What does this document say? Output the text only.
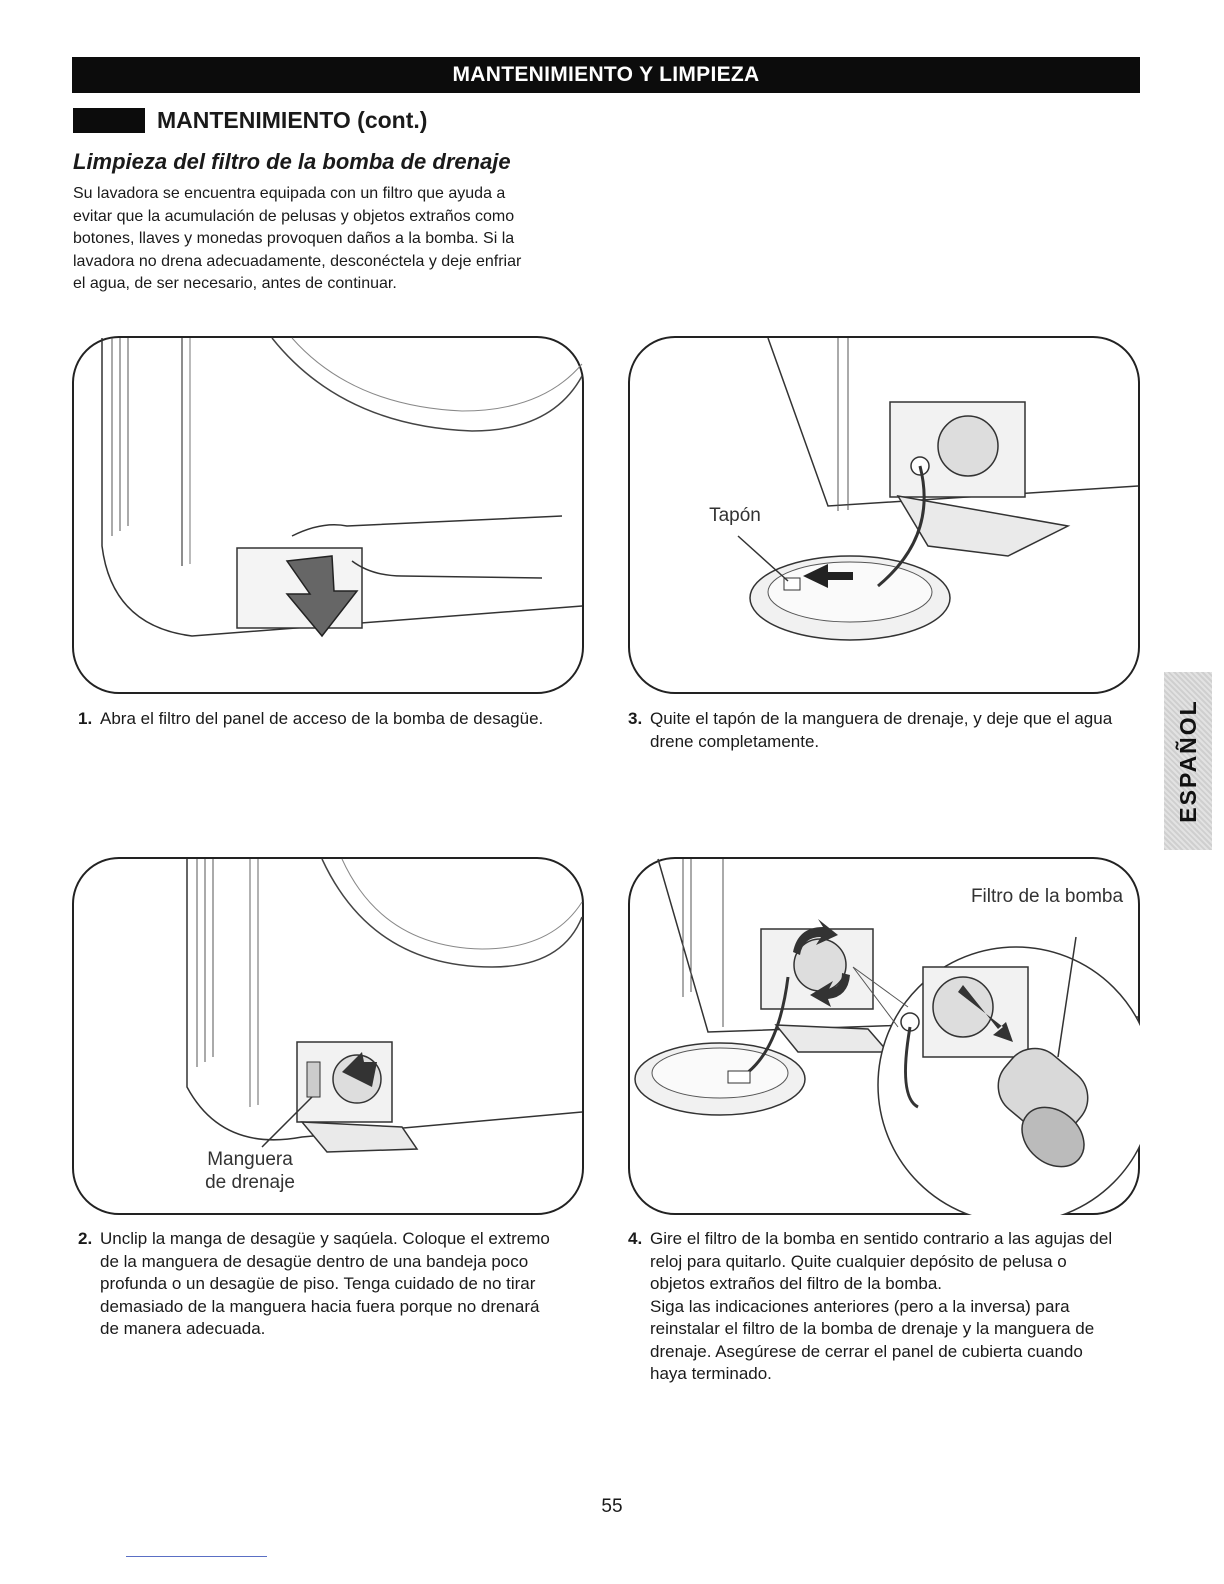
MANTENIMIENTO Y LIMPIEZA
MANTENIMIENTO (cont.)
Limpieza del filtro de la bomba de drenaje
Su lavadora se encuentra equipada con un filtro que ayuda a
evitar que la acumulación de pelusas y objetos extraños como
botones, llaves y monedas provoquen daños a la bomba. Si la
lavadora no drena adecuadamente, desconéctela y deje enfriar
el agua, de ser necesario, antes de continuar.
1. Abra el filtro del panel de acceso de la bomba de desagüe.

Tapón
3. Quite el tapón de la manguera de drenaje, y deje que el agua

drene completamente.

Manguera
de drenaje
2. Unclip la manga de desagüe y saqúela. Coloque el extremo

de la manguera de desagüe dentro de una bandeja poco

profunda o un desagüe de piso. Tenga cuidado de no tirar

demasiado de la manguera hacia fuera porque no drenará

de manera adecuada.

Filtro de la bomba
4. Gire el filtro de la bomba en sentido contrario a las agujas del

reloj para quitarlo. Quite cualquier depósito de pelusa o

objetos extraños del filtro de la bomba.

Siga las indicaciones anteriores (pero a la inversa) para

reinstalar el filtro de la bomba de drenaje y la manguera de

drenaje. Asegúrese de cerrar el panel de cubierta cuando

haya terminado.

ESPAÑOL
55
